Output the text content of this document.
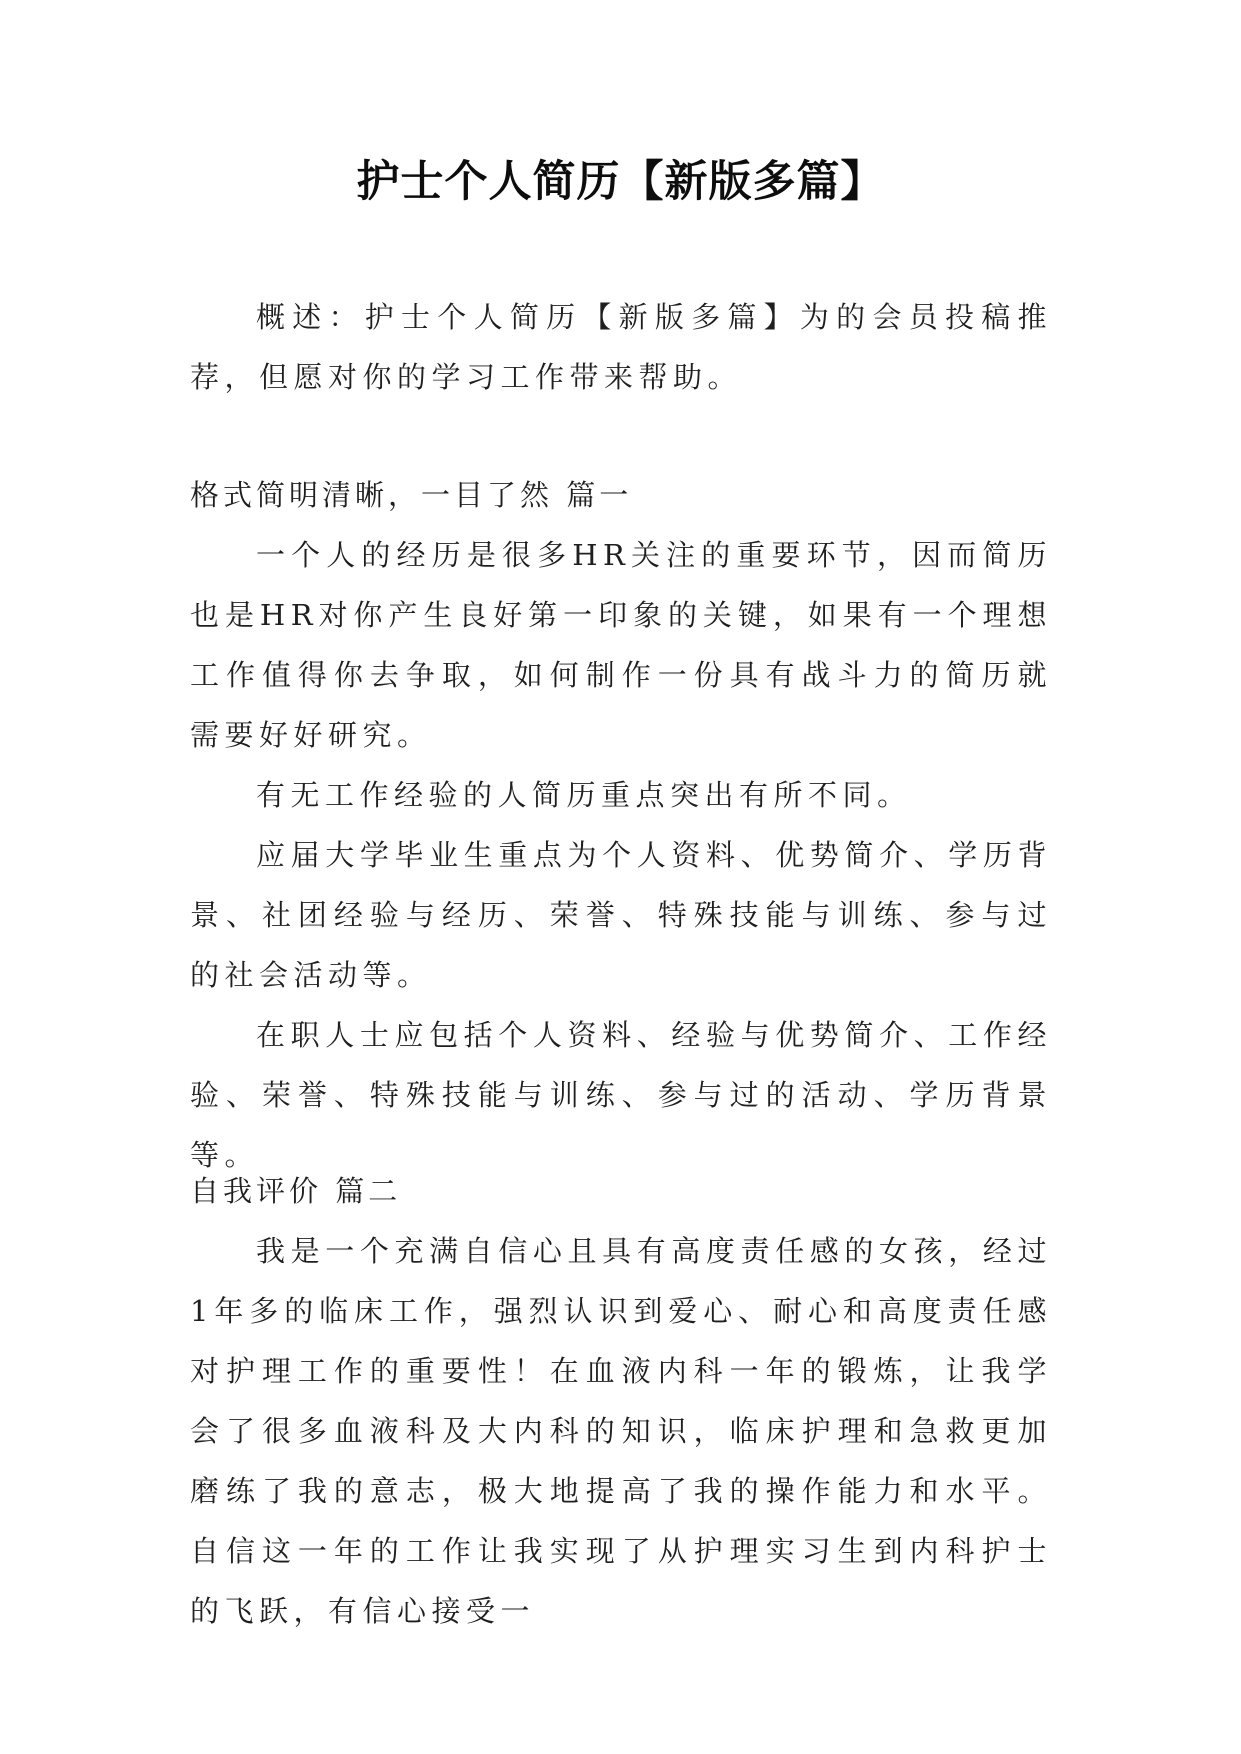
护士个人简历【新版多篇】

概述：护士个人简历【新版多篇】为的会员投稿推荐，但愿对你的学习工作带来帮助。

格式简明清晰，一目了然 篇一

一个人的经历是很多HR关注的重要环节，因而简历也是HR对你产生良好第一印象的关键，如果有一个理想工作值得你去争取，如何制作一份具有战斗力的简历就需要好好研究。

有无工作经验的人简历重点突出有所不同。

应届大学毕业生重点为个人资料、优势简介、学历背景、社团经验与经历、荣誉、特殊技能与训练、参与过的社会活动等。

在职人士应包括个人资料、经验与优势简介、工作经验、荣誉、特殊技能与训练、参与过的活动、学历背景等。

自我评价 篇二

我是一个充满自信心且具有高度责任感的女孩，经过1年多的临床工作，强烈认识到爱心、耐心和高度责任感对护理工作的重要性！在血液内科一年的锻炼，让我学会了很多血液科及大内科的知识，临床护理和急救更加磨练了我的意志，极大地提高了我的操作能力和水平。自信这一年的工作让我实现了从护理实习生到内科护士的飞跃，有信心接受一
